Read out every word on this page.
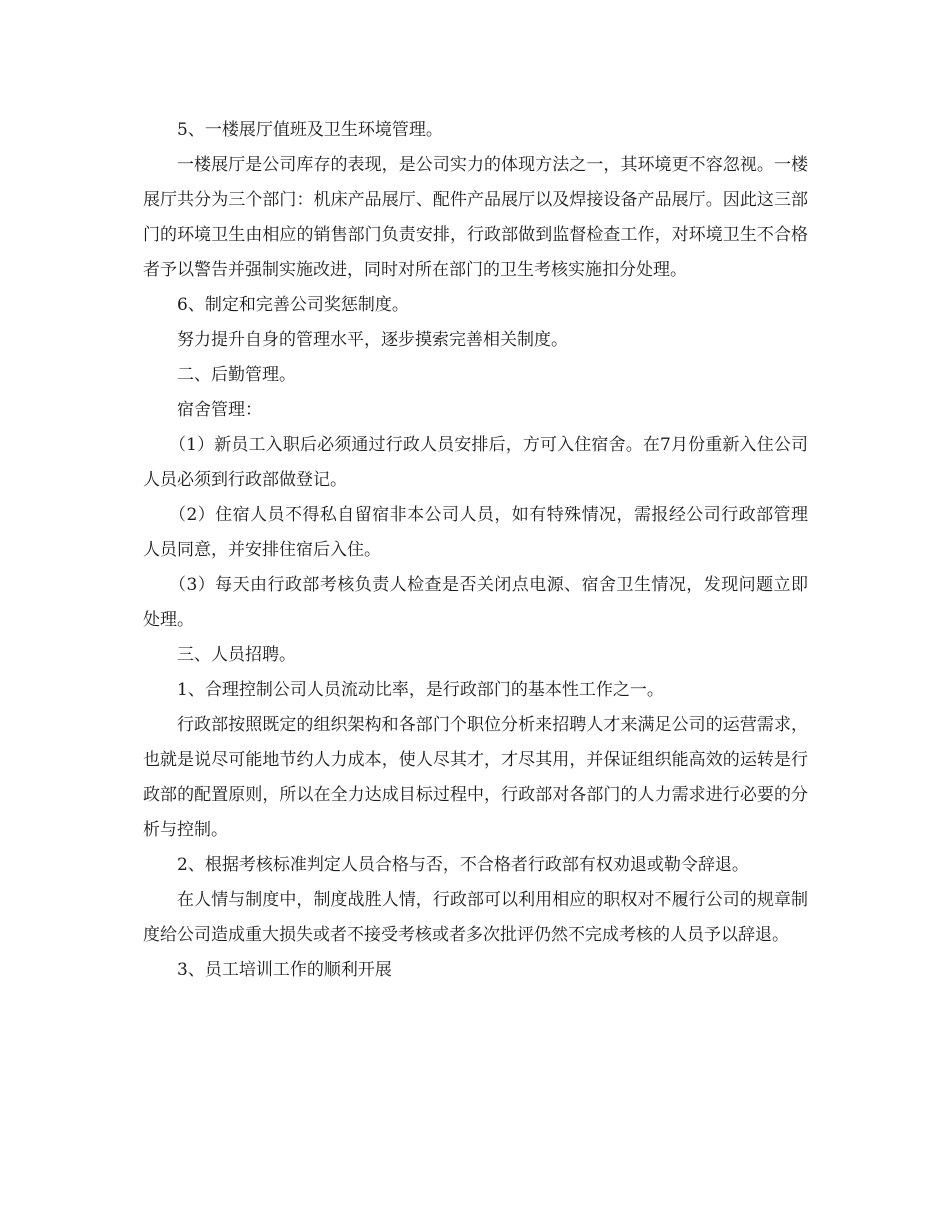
5、一楼展厅值班及卫生环境管理。

一楼展厅是公司库存的表现，是公司实力的体现方法之一，其环境更不容忽视。一楼展厅共分为三个部门：机床产品展厅、配件产品展厅以及焊接设备产品展厅。因此这三部门的环境卫生由相应的销售部门负责安排，行政部做到监督检查工作，对环境卫生不合格者予以警告并强制实施改进，同时对所在部门的卫生考核实施扣分处理。

6、制定和完善公司奖惩制度。

努力提升自身的管理水平，逐步摸索完善相关制度。

二、后勤管理。

宿舍管理：

（1）新员工入职后必须通过行政人员安排后，方可入住宿舍。在7月份重新入住公司人员必须到行政部做登记。

（2）住宿人员不得私自留宿非本公司人员，如有特殊情况，需报经公司行政部管理人员同意，并安排住宿后入住。

（3）每天由行政部考核负责人检查是否关闭点电源、宿舍卫生情况，发现问题立即处理。

三、人员招聘。

1、合理控制公司人员流动比率，是行政部门的基本性工作之一。

行政部按照既定的组织架构和各部门个职位分析来招聘人才来满足公司的运营需求，也就是说尽可能地节约人力成本，使人尽其才，才尽其用，并保证组织能高效的运转是行政部的配置原则，所以在全力达成目标过程中，行政部对各部门的人力需求进行必要的分析与控制。

2、根据考核标准判定人员合格与否，不合格者行政部有权劝退或勒令辞退。

在人情与制度中，制度战胜人情，行政部可以利用相应的职权对不履行公司的规章制度给公司造成重大损失或者不接受考核或者多次批评仍然不完成考核的人员予以辞退。

3、员工培训工作的顺利开展
